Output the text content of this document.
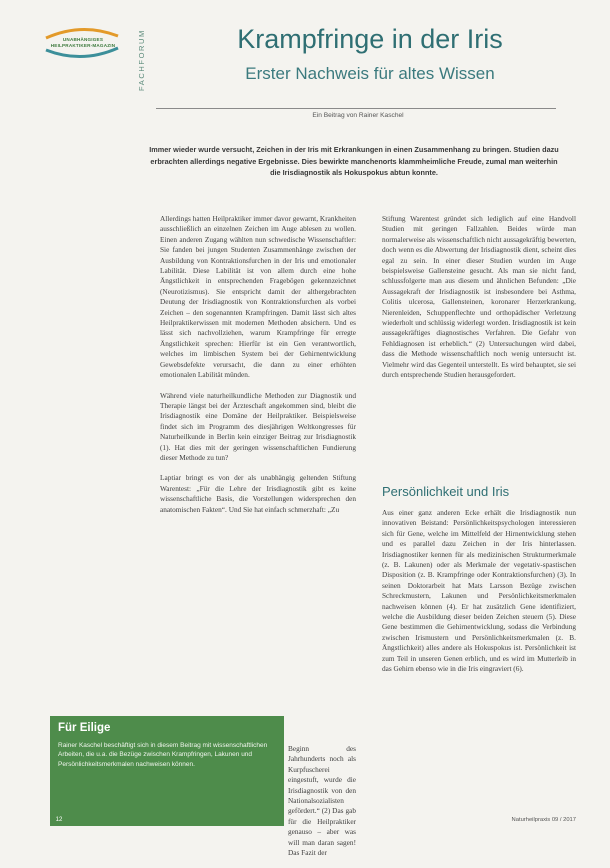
UNABHÄNGIGES
HEILPRAKTIKER-MAGAZIN	FACHFORUM	Krampfringe in der Iris
Erster Nachweis für altes Wissen
Ein Beitrag von Rainer Kaschel
Immer wieder wurde versucht, Zeichen in der Iris mit Erkrankungen in einen Zusammenhang zu bringen. Studien dazu erbrachten allerdings negative Ergebnisse. Dies bewirkte manchenorts klammheimliche Freude, zumal man weiterhin die Irisdiagnostik als Hokuspokus abtun konnte.

Allerdings hatten Heilpraktiker immer davor gewarnt, Krankheiten ausschließlich an einzelnen Zeichen im Auge ablesen zu wollen. Einen anderen Zugang wählten nun schwedische Wissenschaftler: Sie fanden bei jungen Studenten Zusammenhänge zwischen der Ausbildung von Kontraktionsfurchen in der Iris und emotionaler Labilität. Diese Labilität ist von allem durch eine hohe Ängstlichkeit in entsprechenden Fragebögen gekennzeichnet (Neurotizismus). Sie entspricht damit der althergebrachten Deutung der Irisdiagnostik von Kontraktionsfurchen als vorbei Zeichen – den sogenannten Krampfringen. Damit lässt sich altes Heilpraktikerwissen mit modernen Methoden absichern. Und es lässt sich nachvollziehen, warum Krampfringe für erregte Ängstlichkeit sprechen: Hierfür ist ein Gen verantwortlich, welches im limbischen System bei der Gehirnentwicklung Gewebsdefekte verursacht, die dann zu einer erhöhten emotionalen Labilität münden.

Während viele naturheilkundliche Methoden zur Diagnostik und Therapie längst bei der Ärzteschaft angekommen sind, bleibt die Irisdiagnostik eine Domäne der Heilpraktiker. Beispielsweise findet sich im Programm des diesjährigen Weltkongresses für Naturheilkunde in Berlin kein einziger Beitrag zur Irisdiagnostik (1). Hat dies mit der geringen wissenschaftlichen Fundierung dieser Methode zu tun?

Laptiar bringt es von der als unabhängig geltenden Stiftung Warentest: „Für die Lehre der Irisdiagnostik gibt es keine wissenschaftliche Basis, die Vorstellungen widersprechen den anatomischen Fakten“. Und Sie hat einfach schmerzhaft: „Zu

Beginn des Jahrhunderts noch als Kurpfuscherei eingestuft, wurde die Irisdiagnostik von den Nationalsozialisten gefördert.“ (2) Das gab für die Heilpraktiker genauso – aber was will man daran sagen! Das Fazit der

Stiftung Warentest gründet sich lediglich auf eine Handvoll Studien mit geringen Fallzahlen. Beides würde man normalerweise als wissenschaftlich nicht aussagekräftig bewerten, doch wenn es die Abwertung der Irisdiagnostik dient, scheint dies egal zu sein. In einer dieser Studien wurden im Auge beispielsweise Gallensteine gesucht. Als man sie nicht fand, schlussfolgerte man aus diesem und ähnlichen Befunden: „Die Aussagekraft der Irisdiagnostik ist insbesondere bei Asthma, Colitis ulcerosa, Gallensteinen, koronarer Herzerkrankung, Nierenleiden, Schuppenflechte und orthopädischer Verletzung wiederholt und schlüssig widerlegt worden. Irisdiagnostik ist kein aussagekräftiges diagnostisches Verfahren. Die Gefahr von Fehldiagnosen ist erheblich.“ (2) Untersuchungen wird dabei, dass die Methode wissenschaftlich noch wenig untersucht ist. Vielmehr wird das Gegenteil unterstellt. Es wird behauptet, sie sei durch entsprechende Studien herausgefordert.

Persönlichkeit und Iris

Aus einer ganz anderen Ecke erhält die Irisdiagnostik nun innovativen Beistand: Persönlichkeitspsychologen interessieren sich für Gene, welche im Mittelfeld der Hirnentwicklung stehen und es parallel dazu Zeichen in der Iris hinterlassen. Irisdiagnostiker kennen für als medizinischen Strukturmerkmale (z. B. Lakunen) oder als Merkmale der vegetativ-spastischen Disposition (z. B. Krampfringe oder Kontraktionsfurchen) (3). In seinen Doktorarbeit hat Mats Larsson Bezüge zwischen Schreckmustern, Lakunen und Persönlichkeitsmerkmalen nachweisen können (4). Er hat zusätzlich Gene identifiziert, welche die Ausbildung dieser beiden Zeichen steuern (5). Diese Gene bestimmen die Gehirnentwicklung, sodass die Verbindung zwischen Irismustern und Persönlichkeitsmerkmalen (z. B. Ängstlichkeit) alles andere als Hokuspokus ist. Persönlichkeit ist zum Teil in unseren Genen erblich, und es wird im Mutterleib in das Gehirn ebenso wie in die Iris eingraviert (6).

Für Eilige
Rainer Kaschel beschäftigt sich in diesem Beitrag mit wissenschaftlichen Arbeiten, die u.a. die Bezüge zwischen Krampfringen, Lakunen und Persönlichkeitsmerkmalen nachweisen können.
12	Naturheilpraxis 09 / 2017
